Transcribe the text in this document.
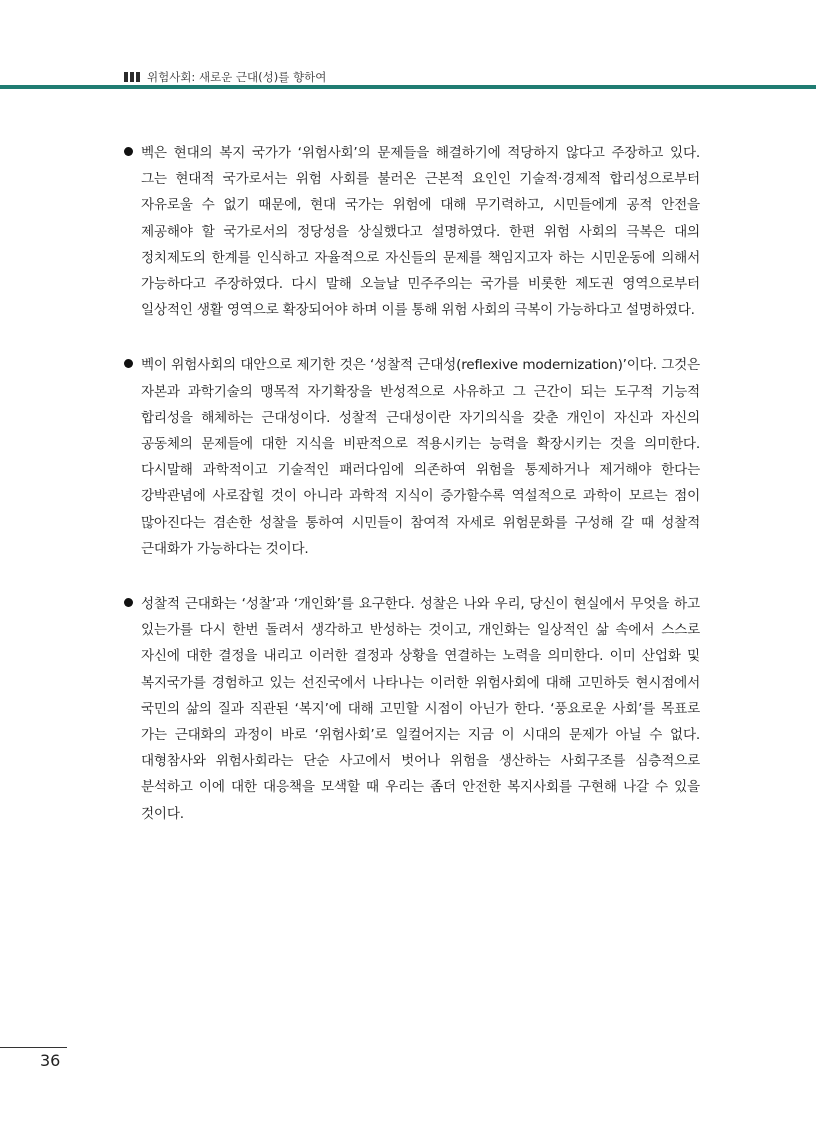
위험사회: 새로운 근대(성)를 향하여

벡은 현대의 복지 국가가 ‘위험사회’의 문제들을 해결하기에 적당하지 않다고 주장하고 있다. 그는 현대적 국가로서는 위험 사회를 불러온 근본적 요인인 기술적·경제적 합리성으로부터 자유로울 수 없기 때문에, 현대 국가는 위험에 대해 무기력하고, 시민들에게 공적 안전을 제공해야 할 국가로서의 정당성을 상실했다고 설명하였다. 한편 위험 사회의 극복은 대의 정치제도의 한계를 인식하고 자율적으로 자신들의 문제를 책임지고자 하는 시민운동에 의해서 가능하다고 주장하였다. 다시 말해 오늘날 민주주의는 국가를 비롯한 제도권 영역으로부터 일상적인 생활 영역으로 확장되어야 하며 이를 통해 위험 사회의 극복이 가능하다고 설명하였다.

벡이 위험사회의 대안으로 제기한 것은 ‘성찰적 근대성(reflexive modernization)’이다. 그것은 자본과 과학기술의 맹목적 자기확장을 반성적으로 사유하고 그 근간이 되는 도구적 기능적 합리성을 해체하는 근대성이다. 성찰적 근대성이란 자기의식을 갖춘 개인이 자신과 자신의 공동체의 문제들에 대한 지식을 비판적으로 적용시키는 능력을 확장시키는 것을 의미한다. 다시말해 과학적이고 기술적인 패러다임에 의존하여 위험을 통제하거나 제거해야 한다는 강박관념에 사로잡힐 것이 아니라 과학적 지식이 증가할수록 역설적으로 과학이 모르는 점이 많아진다는 겸손한 성찰을 통하여 시민들이 참여적 자세로 위험문화를 구성해 갈 때 성찰적 근대화가 가능하다는 것이다.

성찰적 근대화는 ‘성찰’과 ‘개인화’를 요구한다. 성찰은 나와 우리, 당신이 현실에서 무엇을 하고 있는가를 다시 한번 돌려서 생각하고 반성하는 것이고, 개인화는 일상적인 삶 속에서 스스로 자신에 대한 결정을 내리고 이러한 결정과 상황을 연결하는 노력을 의미한다. 이미 산업화 및 복지국가를 경험하고 있는 선진국에서 나타나는 이러한 위험사회에 대해 고민하듯 현시점에서 국민의 삶의 질과 직관된 ‘복지’에 대해 고민할 시점이 아닌가 한다. ‘풍요로운 사회’를 목표로 가는 근대화의 과정이 바로 ‘위험사회’로 일컬어지는 지금 이 시대의 문제가 아닐 수 없다. 대형참사와 위험사회라는 단순 사고에서 벗어나 위험을 생산하는 사회구조를 심층적으로 분석하고 이에 대한 대응책을 모색할 때 우리는 좀더 안전한 복지사회를 구현해 나갈 수 있을 것이다.

36
